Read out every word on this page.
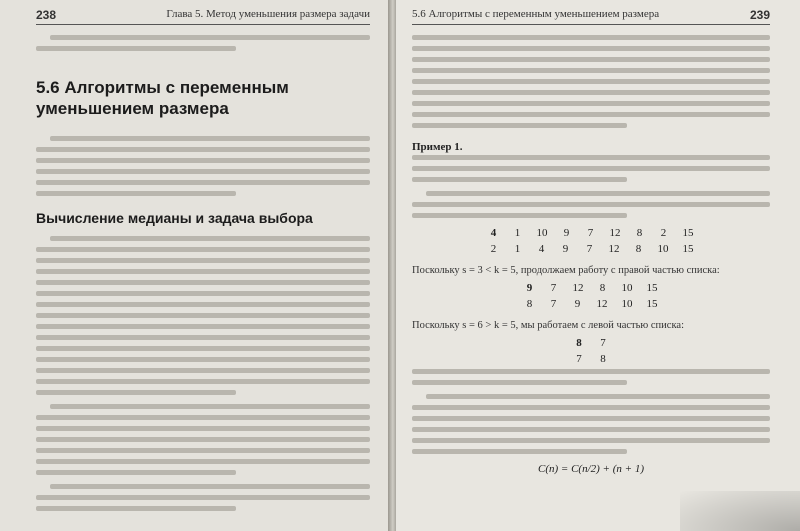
238	Глава 5. Метод уменьшения размера задачи
5.6 Алгоритмы с переменным уменьшением размера
Вычисление медианы и задача выбора
5.6 Алгоритмы с переменным уменьшением размера	239
Пример 1.
4 1 10 9 7 12 8 2 15
2 1 4 9 7 12 8 10 15
Поскольку s = 3 < k = 5, продолжаем работу с правой частью списка:
9 7 12 8 10 15
8 7 9 12 10 15
Поскольку s = 6 > k = 5, мы работаем с левой частью списка:
8 7
7 8
C(n) = C(n/2) + (n + 1)
